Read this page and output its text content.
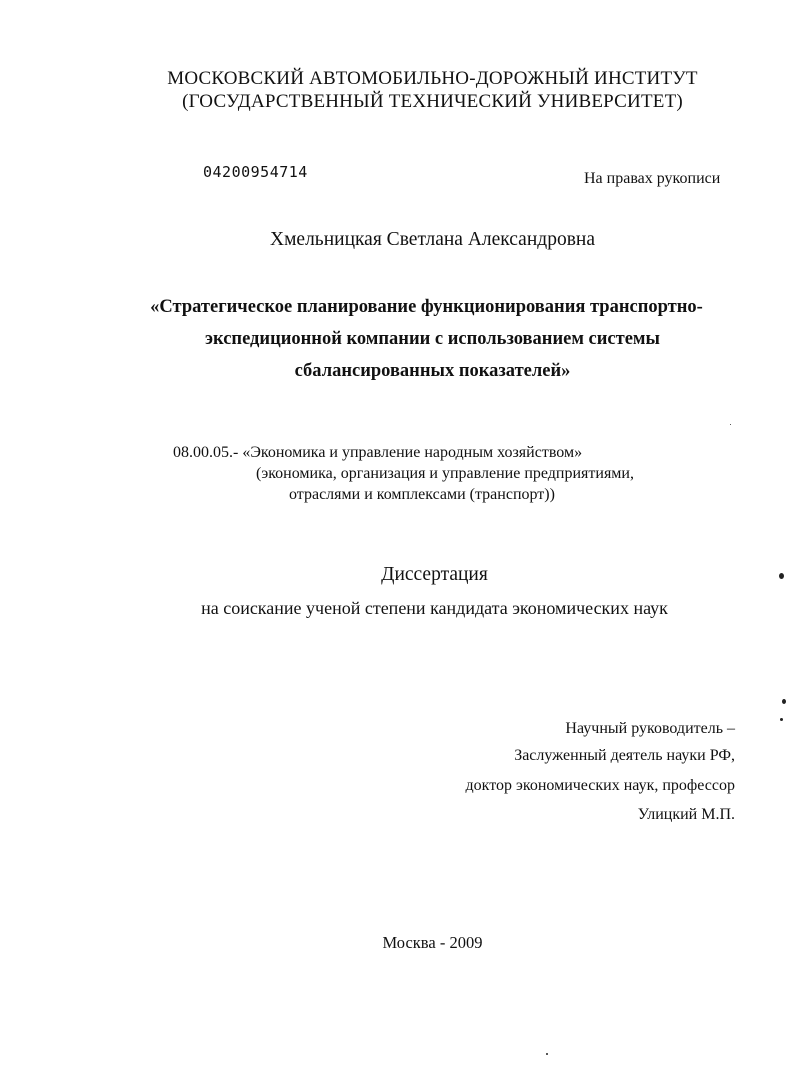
МОСКОВСКИЙ АВТОМОБИЛЬНО-ДОРОЖНЫЙ ИНСТИТУТ
(ГОСУДАРСТВЕННЫЙ ТЕХНИЧЕСКИЙ УНИВЕРСИТЕТ)
04200954714	На правах рукописи
Хмельницкая Светлана Александровна
«Стратегическое планирование функционирования транспортно-
экспедиционной компании с использованием системы
сбалансированных показателей»
08.00.05.- «Экономика и управление народным хозяйством»
(экономика, организация и управление предприятиями,
отраслями и комплексами (транспорт))
Диссертация
на соискание ученой степени кандидата экономических наук
Научный руководитель –
Заслуженный деятель науки РФ,
доктор экономических наук, профессор
Улицкий М.П.
Москва - 2009
